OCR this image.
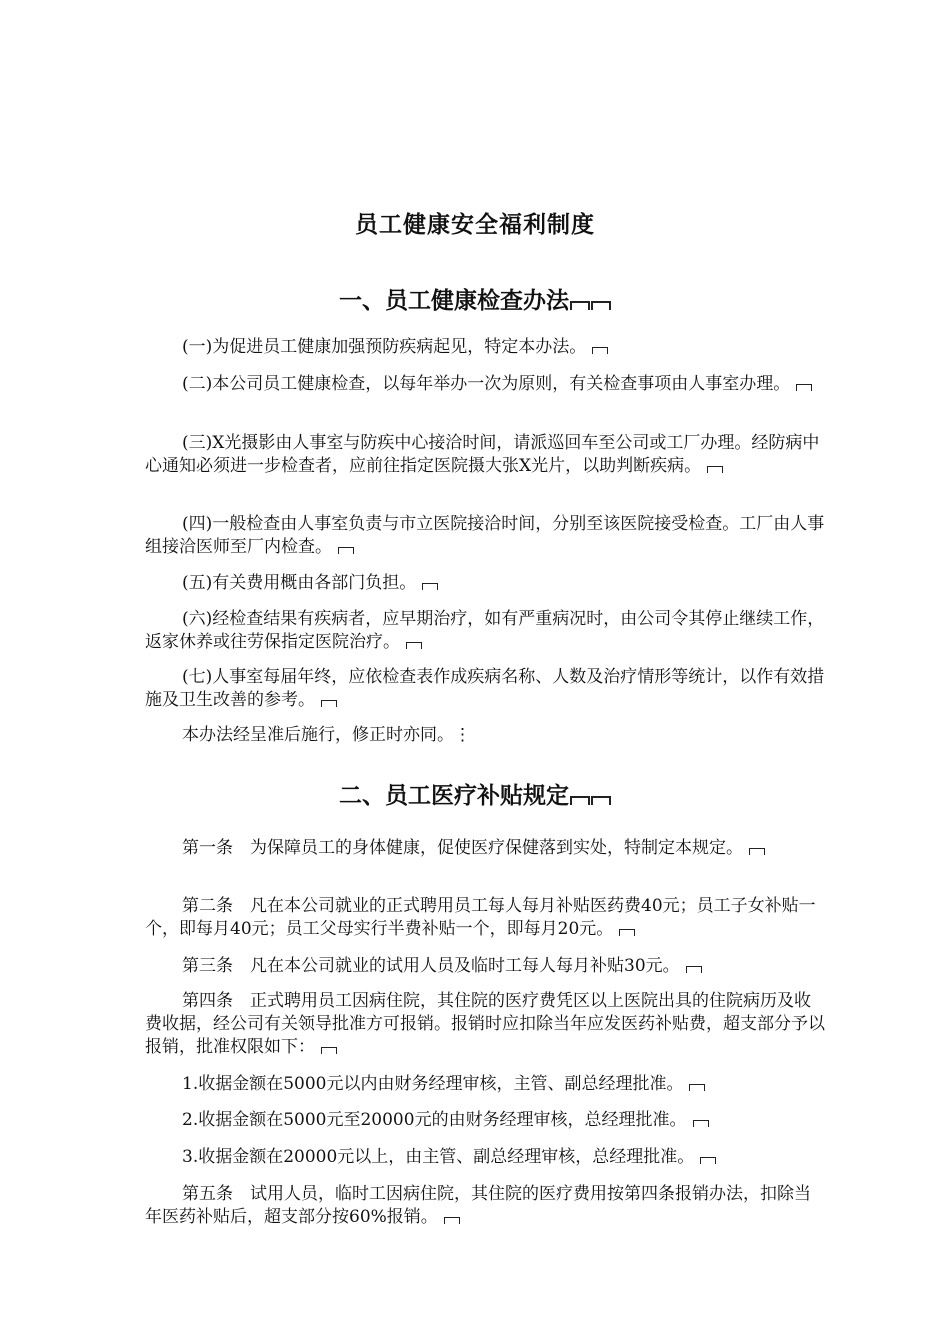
员工健康安全福利制度
一、员工健康检查办法

(一)为促进员工健康加强预防疾病起见，特定本办法。

(二)本公司员工健康检查，以每年举办一次为原则，有关检查事项由人事室办理。

(三)X光摄影由人事室与防疾中心接洽时间，请派巡回车至公司或工厂办理。经防病中心通知必须进一步检查者，应前往指定医院摄大张X光片，以助判断疾病。

(四)一般检查由人事室负责与市立医院接洽时间，分别至该医院接受检查。工厂由人事组接洽医师至厂内检查。

(五)有关费用概由各部门负担。

(六)经检查结果有疾病者，应早期治疗，如有严重病况时，由公司令其停止继续工作，返家休养或往劳保指定医院治疗。

(七)人事室每届年终，应依检查表作成疾病名称、人数及治疗情形等统计，以作有效措施及卫生改善的参考。

本办法经呈准后施行，修正时亦同。⋮

二、员工医疗补贴规定

第一条　为保障员工的身体健康，促使医疗保健落到实处，特制定本规定。

第二条　凡在本公司就业的正式聘用员工每人每月补贴医药费40元；员工子女补贴一个，即每月40元；员工父母实行半费补贴一个，即每月20元。

第三条　凡在本公司就业的试用人员及临时工每人每月补贴30元。

第四条　正式聘用员工因病住院，其住院的医疗费凭区以上医院出具的住院病历及收费收据，经公司有关领导批准方可报销。报销时应扣除当年应发医药补贴费，超支部分予以报销，批准权限如下：

1.收据金额在5000元以内由财务经理审核，主管、副总经理批准。

2.收据金额在5000元至20000元的由财务经理审核，总经理批准。

3.收据金额在20000元以上，由主管、副总经理审核，总经理批准。

第五条　试用人员，临时工因病住院，其住院的医疗费用按第四条报销办法，扣除当年医药补贴后，超支部分按60%报销。
